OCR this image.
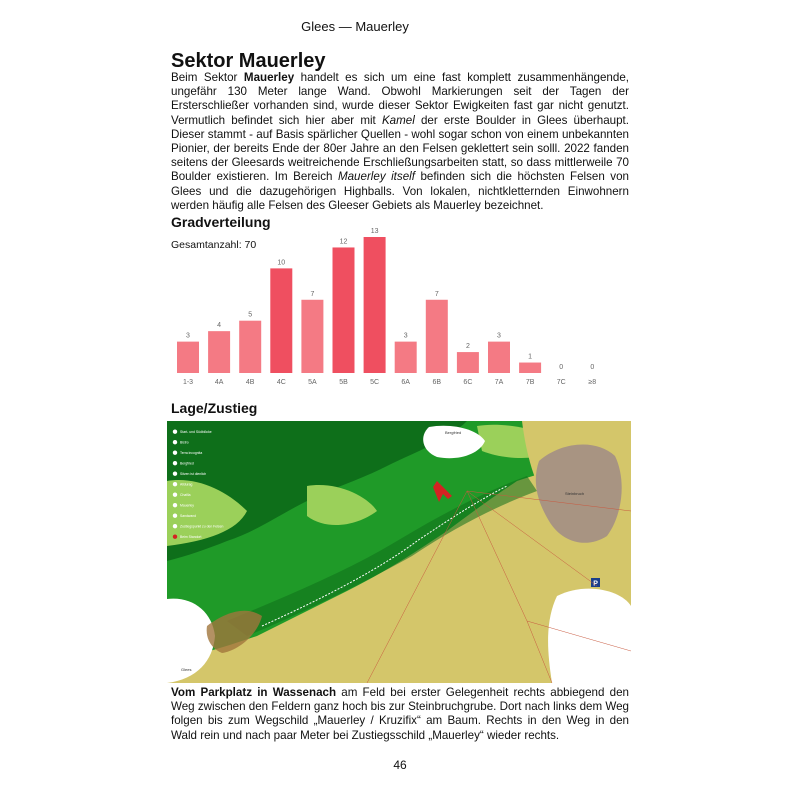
Glees — Mauerley
Sektor Mauerley

Beim Sektor Mauerley handelt es sich um eine fast komplett zusammenhängende, ungefähr 130 Meter lange Wand. Obwohl Markierungen seit der Tagen der Ersterschließer vorhanden sind, wurde dieser Sektor Ewigkeiten fast gar nicht genutzt. Vermutlich befindet sich hier aber mit Kamel der erste Boulder in Glees überhaupt. Dieser stammt - auf Basis spärlicher Quellen - wohl sogar schon von einem unbekannten Pionier, der bereits Ende der 80er Jahre an den Felsen geklettert sein solll. 2022 fanden seitens der Gleesards weitreichende Erschließungsarbeiten statt, so dass mittlerweile 70 Boulder existieren. Im Bereich Mauerley itself befinden sich die höchsten Felsen von Glees und die dazugehörigen Highballs. Von lokalen, nichtkletternden Einwohnern werden häufig alle Felsen des Gleeser Gebiets als Mauerley bezeichnet.

Gradverteilung
Gesamtanzahl: 70
3
1-3
4
4A
5
4B
10
4C
7
5A
12
5B
13
5C
3
6A
7
6B
2
6C
3
7A
1
7B
0
7C
0
≥8
Lage/Zustieg
Steinbruch
Bergfried
Glees
P
Start- und Südblöcke
Bistro
Terra incognita
Bergfried
Sitzen ist dienlich
Alldurag
Chafila
Mauerley
Sandwand
Zustiegspunkt zu den Felsen
Beim Standort

Vom Parkplatz in Wassenach am Feld bei erster Gelegenheit rechts abbiegend den Weg zwischen den Feldern ganz hoch bis zur Steinbruchgrube. Dort nach links dem Weg folgen bis zum Wegschild „Mauerley / Kruzifix“ am Baum. Rechts in den Weg in den Wald rein und nach paar Meter bei Zustiegsschild „Mauerley“ wieder rechts.

46
